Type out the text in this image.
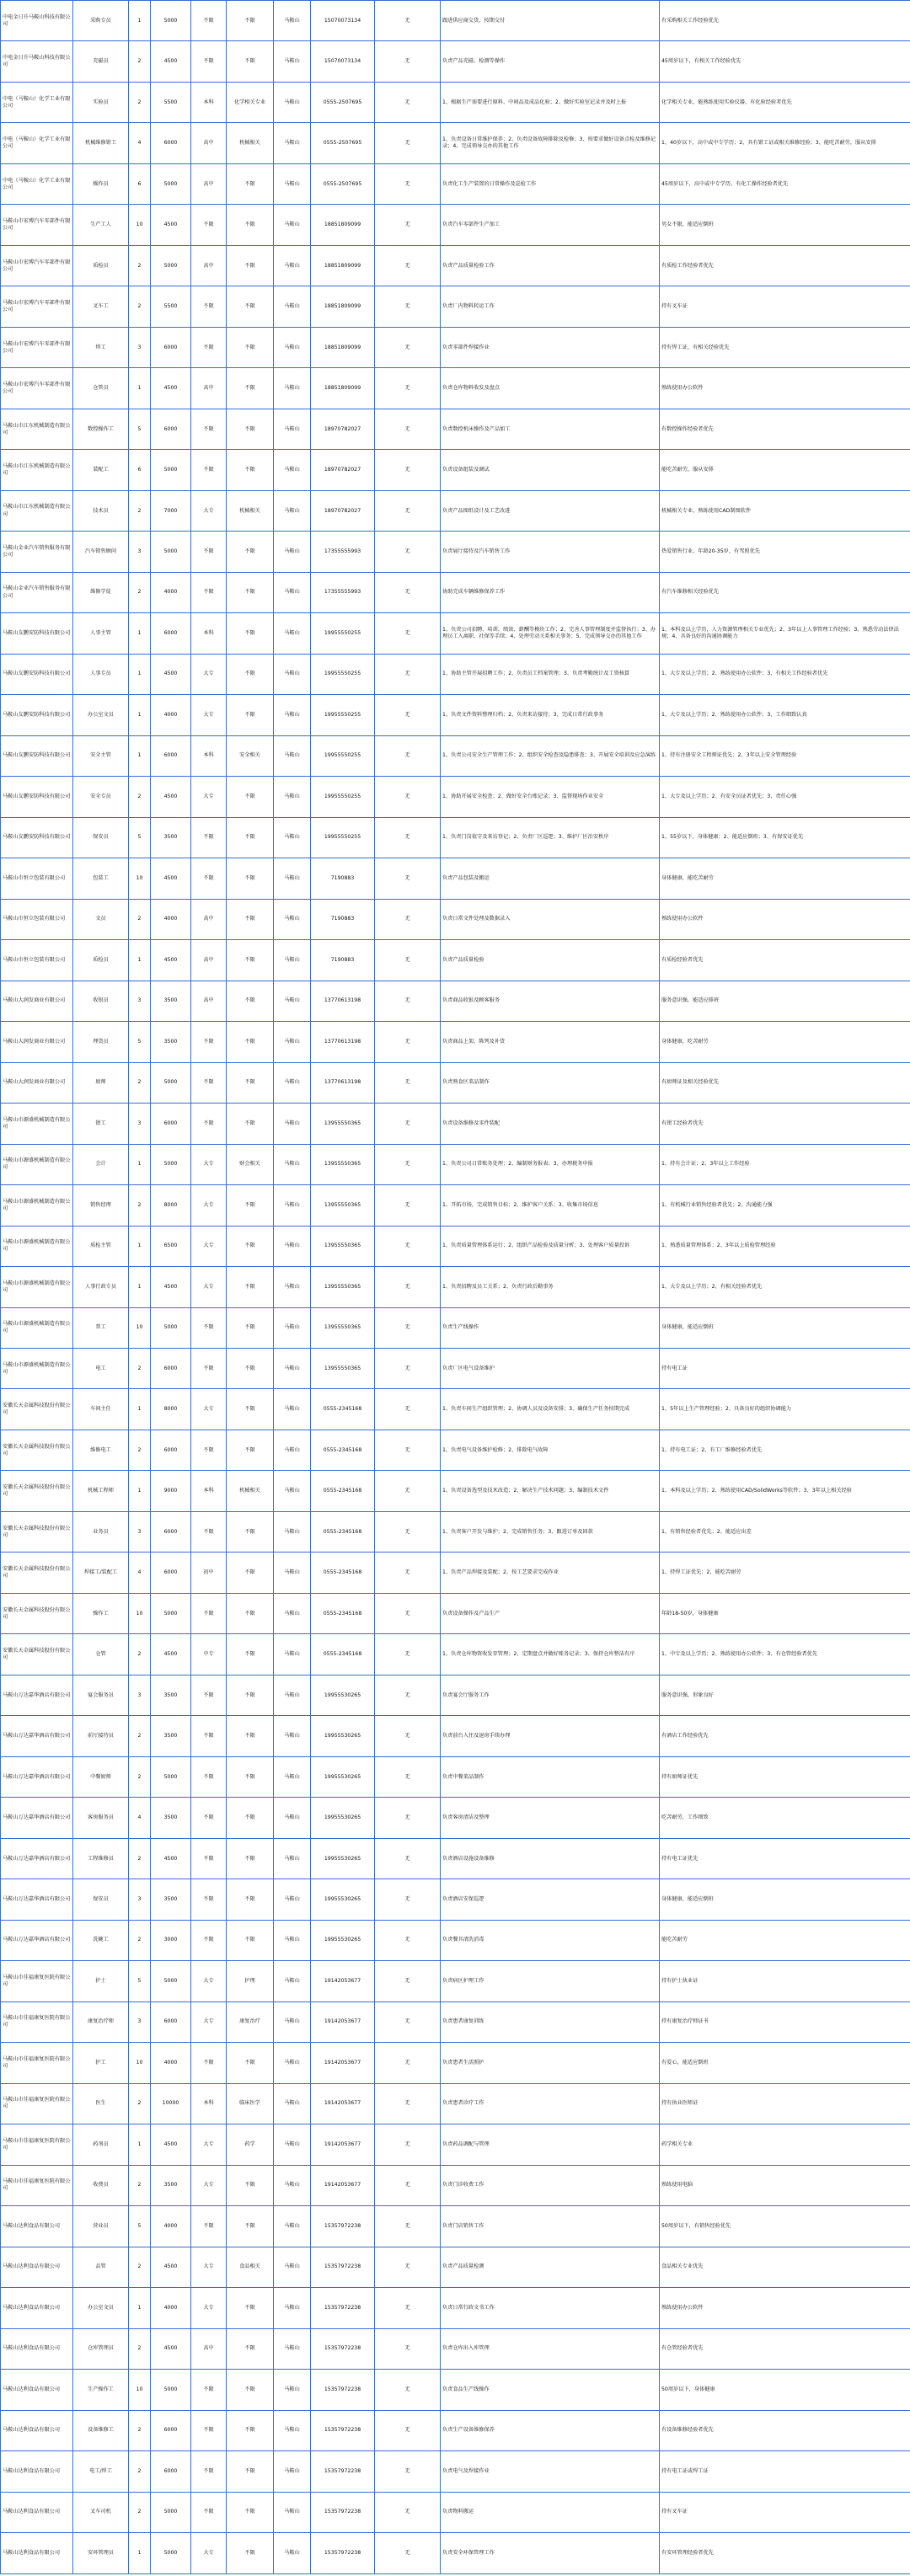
中电金日升马鞍山科技有限公司	采购专员	1	5000	不限	不限	马鞍山	15070073134	无	跟进供应商交货，按期交付	有采购相关工作经验优先
中电金日升马鞍山科技有限公司	充磁员	2	4500	不限	不限	马鞍山	15070073134	无	负责产品充磁、检测等操作	45周岁以下，有相关工作经验优先
中电（马鞍山）化学工业有限公司	实验员	2	5500	本科	化学相关专业	马鞍山	0555-2507695	无	1、根据生产需要进行原料、中间品及成品化验；2、做好实验室记录并及时上报	化学相关专业，能熟练使用实验仪器，有化验经验者优先
中电（马鞍山）化学工业有限公司	机械维修钳工	4	6000	高中	机械相关	马鞍山	0555-2507695	无	1、负责设备日常维护保养；2、负责设备故障排除及检修；3、按要求做好设备点检及维修记录；4、完成领导交办的其他工作	1、40岁以下，高中或中专学历；2、具有钳工证或相关维修经验；3、能吃苦耐劳，服从安排
中电（马鞍山）化学工业有限公司	操作员	6	5000	高中	不限	马鞍山	0555-2507695	无	负责化工生产装置的日常操作及巡检工作	45周岁以下，高中或中专学历，有化工操作经验者优先
马鞍山市宏博汽车零部件有限公司	生产工人	10	4500	不限	不限	马鞍山	18851809099	无	负责汽车零部件生产加工	男女不限，能适应倒班
马鞍山市宏博汽车零部件有限公司	质检员	2	5000	高中	不限	马鞍山	18851809099	无	负责产品质量检验工作	有质检工作经验者优先
马鞍山市宏博汽车零部件有限公司	叉车工	2	5500	不限	不限	马鞍山	18851809099	无	负责厂内物料转运工作	持有叉车证
马鞍山市宏博汽车零部件有限公司	焊工	3	6000	不限	不限	马鞍山	18851809099	无	负责零部件焊接作业	持有焊工证，有相关经验优先
马鞍山市宏博汽车零部件有限公司	仓管员	1	4500	高中	不限	马鞍山	18851809099	无	负责仓库物料收发及盘点	熟练使用办公软件
马鞍山市江东机械制造有限公司	数控操作工	5	6000	不限	不限	马鞍山	18970782027	无	负责数控机床操作及产品加工	有数控操作经验者优先
马鞍山市江东机械制造有限公司	装配工	6	5000	不限	不限	马鞍山	18970782027	无	负责设备组装及调试	能吃苦耐劳，服从安排
马鞍山市江东机械制造有限公司	技术员	2	7000	大专	机械相关	马鞍山	18970782027	无	负责产品图纸设计及工艺改进	机械相关专业，熟练使用CAD制图软件
马鞍山金业汽车销售服务有限公司	汽车销售顾问	3	5000	不限	不限	马鞍山	17355555993	无	负责展厅接待及汽车销售工作	热爱销售行业，年龄20-35岁，有驾照优先
马鞍山金业汽车销售服务有限公司	维修学徒	2	4000	不限	不限	马鞍山	17355555993	无	协助完成车辆维修保养工作	有汽车维修相关经验优先
马鞍山友鹏安防科技有限公司	人事主管	1	6000	本科	不限	马鞍山	19955550255	无	1、负责公司招聘、培训、绩效、薪酬等模块工作；2、完善人事管理制度并监督执行；3、办理员工入离职、社保等手续；4、处理劳动关系相关事务；5、完成领导交办的其他工作	1、本科及以上学历，人力资源管理相关专业优先；2、3年以上人事管理工作经验；3、熟悉劳动法律法规；4、具备良好的沟通协调能力
马鞍山友鹏安防科技有限公司	人事专员	1	4500	大专	不限	马鞍山	19955550255	无	1、协助主管开展招聘工作；2、负责员工档案管理；3、负责考勤统计及工资核算	1、大专及以上学历；2、熟练使用办公软件；3、有相关工作经验者优先
马鞍山友鹏安防科技有限公司	办公室文员	1	4000	大专	不限	马鞍山	19955550255	无	1、负责文件资料整理归档；2、负责来访接待；3、完成日常行政事务	1、大专及以上学历；2、熟练使用办公软件；3、工作细致认真
马鞍山友鹏安防科技有限公司	安全主管	1	6000	本科	安全相关	马鞍山	19955550255	无	1、负责公司安全生产管理工作；2、组织安全检查及隐患排查；3、开展安全培训及应急演练	1、持有注册安全工程师证优先；2、3年以上安全管理经验
马鞍山友鹏安防科技有限公司	安全专员	2	4500	大专	不限	马鞍山	19955550255	无	1、协助开展安全检查；2、做好安全台账记录；3、监督现场作业安全	1、大专及以上学历；2、有安全员证者优先；3、责任心强
马鞍山友鹏安防科技有限公司	保安员	5	3500	不限	不限	马鞍山	19955550255	无	1、负责门岗值守及来访登记；2、负责厂区巡逻；3、维护厂区治安秩序	1、55岁以下，身体健康；2、能适应倒班；3、有保安证优先
马鞍山市恒立包装有限公司	包装工	10	4500	不限	不限	马鞍山	7190883	无	负责产品包装及搬运	身体健康，能吃苦耐劳
马鞍山市恒立包装有限公司	文员	2	4000	高中	不限	马鞍山	7190883	无	负责日常文件处理及数据录入	熟练使用办公软件
马鞍山市恒立包装有限公司	质检员	1	4500	高中	不限	马鞍山	7190883	无	负责产品质量检验	有质检经验者优先
马鞍山大润发商业有限公司	收银员	3	3500	高中	不限	马鞍山	13770613198	无	负责商品收银及顾客服务	服务意识强，能适应排班
马鞍山大润发商业有限公司	理货员	5	3500	不限	不限	马鞍山	13770613198	无	负责商品上架、陈列及补货	身体健康，吃苦耐劳
马鞍山大润发商业有限公司	厨师	2	5000	不限	不限	马鞍山	13770613198	无	负责熟食区菜品制作	有厨师证及相关经验优先
马鞍山市源盛机械制造有限公司	钳工	3	6000	不限	不限	马鞍山	13955550365	无	负责设备维修及零件装配	有钳工经验者优先
马鞍山市源盛机械制造有限公司	会计	1	5000	大专	财会相关	马鞍山	13955550365	无	1、负责公司日常账务处理；2、编制财务报表；3、办理税务申报	1、持有会计证；2、3年以上工作经验
马鞍山市源盛机械制造有限公司	销售经理	2	8000	大专	不限	马鞍山	13955550365	无	1、开拓市场，完成销售目标；2、维护客户关系；3、收集市场信息	1、有机械行业销售经验者优先；2、沟通能力强
马鞍山市源盛机械制造有限公司	质检主管	1	6500	大专	不限	马鞍山	13955550365	无	1、负责质量管理体系运行；2、组织产品检验及质量分析；3、处理客户质量投诉	1、熟悉质量管理体系；2、3年以上质检管理经验
马鞍山市源盛机械制造有限公司	人事行政专员	1	4500	大专	不限	马鞍山	13955550365	无	1、负责招聘及员工关系；2、负责行政后勤事务	1、大专及以上学历；2、有相关经验者优先
马鞍山市源盛机械制造有限公司	普工	10	5000	不限	不限	马鞍山	13955550365	无	负责生产线操作	身体健康，能适应倒班
马鞍山市源盛机械制造有限公司	电工	2	6000	不限	不限	马鞍山	13955550365	无	负责厂区电气设备维护	持有电工证
安徽长天金属科技股份有限公司	车间主任	1	8000	大专	不限	马鞍山	0555-2345168	无	1、负责车间生产组织管理；2、协调人员及设备安排；3、确保生产任务按期完成	1、5年以上生产管理经验；2、具备良好的组织协调能力
安徽长天金属科技股份有限公司	维修电工	2	6000	不限	不限	马鞍山	0555-2345168	无	1、负责电气设备维护检修；2、排除电气故障	1、持有电工证；2、有工厂维修经验者优先
安徽长天金属科技股份有限公司	机械工程师	1	9000	本科	机械相关	马鞍山	0555-2345168	无	1、负责设备选型及技术改造；2、解决生产技术问题；3、编制技术文件	1、本科及以上学历；2、熟练使用CAD/SolidWorks等软件；3、3年以上相关经验
安徽长天金属科技股份有限公司	业务员	3	6000	不限	不限	马鞍山	0555-2345168	无	1、负责客户开发与维护；2、完成销售任务；3、跟进订单及回款	1、有销售经验者优先；2、能适应出差
安徽长天金属科技股份有限公司	焊接工/装配工	4	6000	初中	不限	马鞍山	0555-2345168	无	1、负责产品焊接及装配；2、按工艺要求完成作业	1、持焊工证优先；2、能吃苦耐劳
安徽长天金属科技股份有限公司	操作工	10	5000	不限	不限	马鞍山	0555-2345168	无	负责设备操作及产品生产	年龄18-50岁，身体健康
安徽长天金属科技股份有限公司	仓管	2	4500	中专	不限	马鞍山	0555-2345168	无	1、负责仓库物资收发存管理；2、定期盘点并做好账务记录；3、保持仓库整洁有序	1、中专及以上学历；2、熟练使用办公软件；3、有仓管经验者优先
马鞍山万达嘉华酒店有限公司	宴会服务员	3	3500	不限	不限	马鞍山	19955530265	无	负责宴会厅服务工作	服务意识强，形象良好
马鞍山万达嘉华酒店有限公司	前厅接待员	2	3500	不限	不限	马鞍山	19955530265	无	负责前台入住及退房手续办理	有酒店工作经验优先
马鞍山万达嘉华酒店有限公司	中餐厨师	2	5000	不限	不限	马鞍山	19955530265	无	负责中餐菜品制作	持有厨师证优先
马鞍山万达嘉华酒店有限公司	客房服务员	4	3500	不限	不限	马鞍山	19955530265	无	负责客房清洁及整理	吃苦耐劳，工作细致
马鞍山万达嘉华酒店有限公司	工程维修员	2	4500	不限	不限	马鞍山	19955530265	无	负责酒店设施设备维修	持有电工证优先
马鞍山万达嘉华酒店有限公司	保安员	3	3500	不限	不限	马鞍山	19955530265	无	负责酒店安保巡逻	身体健康，能适应倒班
马鞍山万达嘉华酒店有限公司	洗碗工	2	3000	不限	不限	马鞍山	19955530265	无	负责餐具清洗消毒	能吃苦耐劳
马鞍山市佳福康复医院有限公司	护士	5	5000	大专	护理	马鞍山	19142053677	无	负责病区护理工作	持有护士执业证
马鞍山市佳福康复医院有限公司	康复治疗师	3	6000	大专	康复治疗	马鞍山	19142053677	无	负责患者康复训练	持有康复治疗师证书
马鞍山市佳福康复医院有限公司	护工	10	4000	不限	不限	马鞍山	19142053677	无	负责患者生活照护	有爱心，能适应倒班
马鞍山市佳福康复医院有限公司	医生	2	10000	本科	临床医学	马鞍山	19142053677	无	负责患者诊疗工作	持有执业医师证
马鞍山市佳福康复医院有限公司	药剂员	1	4500	大专	药学	马鞍山	19142053677	无	负责药品调配与管理	药学相关专业
马鞍山市佳福康复医院有限公司	收费员	2	3500	大专	不限	马鞍山	19142053677	无	负责门诊收费工作	熟练使用电脑
马鞍山达利食品有限公司	营业员	5	4000	不限	不限	马鞍山	15357972238	无	负责门店销售工作	50周岁以下，有销售经验优先
马鞍山达利食品有限公司	品管	2	4500	大专	食品相关	马鞍山	15357972238	无	负责产品质量检测	食品相关专业优先
马鞍山达利食品有限公司	办公室文员	1	4000	大专	不限	马鞍山	15357972238	无	负责日常行政文书工作	熟练使用办公软件
马鞍山达利食品有限公司	仓库管理员	2	4500	高中	不限	马鞍山	15357972238	无	负责仓库出入库管理	有仓管经验者优先
马鞍山达利食品有限公司	生产操作工	10	5000	不限	不限	马鞍山	15357972238	无	负责食品生产线操作	50周岁以下，身体健康
马鞍山达利食品有限公司	设备维修工	2	6000	不限	不限	马鞍山	15357972238	无	负责生产设备维修保养	有设备维修经验者优先
马鞍山达利食品有限公司	电工/焊工	2	6000	不限	不限	马鞍山	15357972238	无	负责电气及焊接作业	持有电工证或焊工证
马鞍山达利食品有限公司	叉车司机	2	5000	不限	不限	马鞍山	15357972238	无	负责物料搬运	持有叉车证
马鞍山达利食品有限公司	安环管理员	1	5000	大专	不限	马鞍山	15357972238	无	负责安全环保管理工作	有安环管理经验者优先
